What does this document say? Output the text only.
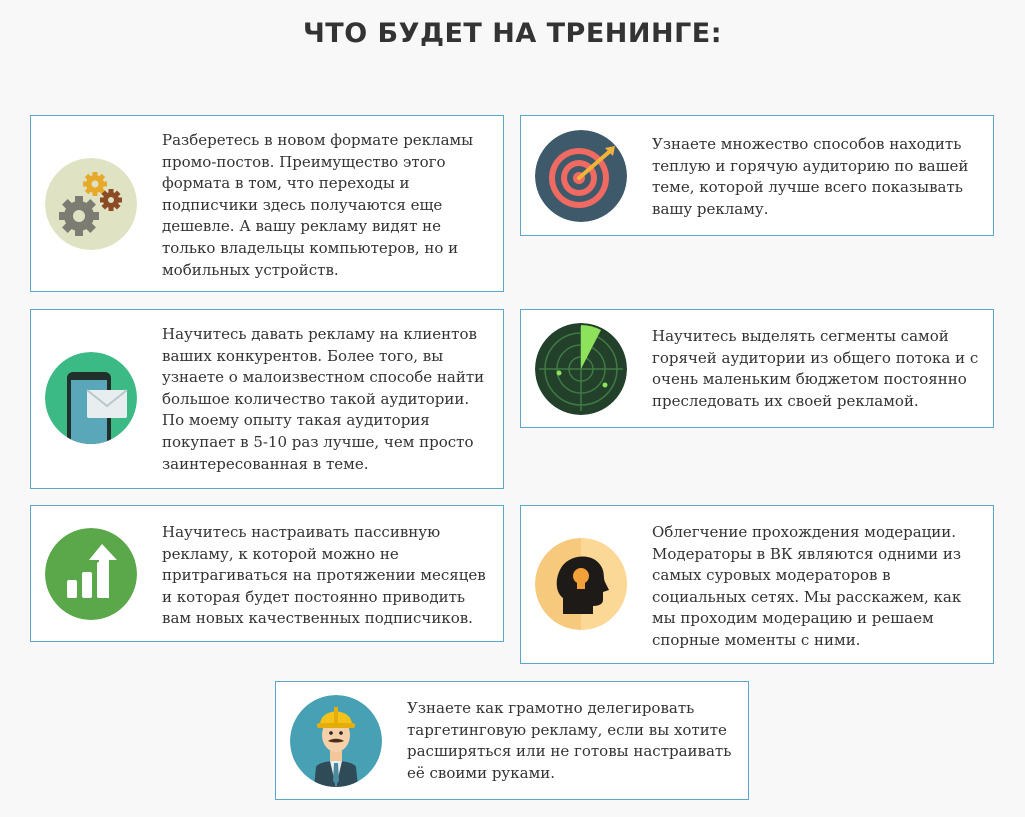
ЧТО БУДЕТ НА ТРЕНИНГЕ:
Разберетесь в новом формате рекламы промо-постов. Преимущество этого формата в том, что переходы и подписчики здесь получаются еще дешевле. А вашу рекламу видят не только владельцы компьютеров, но и мобильных устройств.
Узнаете множество способов находить теплую и горячую аудиторию по вашей теме, которой лучше всего показывать вашу рекламу.
Научитесь давать рекламу на клиентов ваших конкурентов. Более того, вы узнаете о малоизвестном способе найти большое количество такой аудитории. По моему опыту такая аудитория покупает в 5-10 раз лучше, чем просто заинтересованная в теме.
Научитесь выделять сегменты самой горячей аудитории из общего потока и с очень маленьким бюджетом постоянно преследовать их своей рекламой.
Научитесь настраивать пассивную рекламу, к которой можно не притрагиваться на протяжении месяцев и которая будет постоянно приводить вам новых качественных подписчиков.
Облегчение прохождения модерации. Модераторы в ВК являются одними из самых суровых модераторов в социальных сетях. Мы расскажем, как мы проходим модерацию и решаем спорные моменты с ними.
Узнаете как грамотно делегировать таргетинговую рекламу, если вы хотите расширяться или не готовы настраивать её своими руками.
